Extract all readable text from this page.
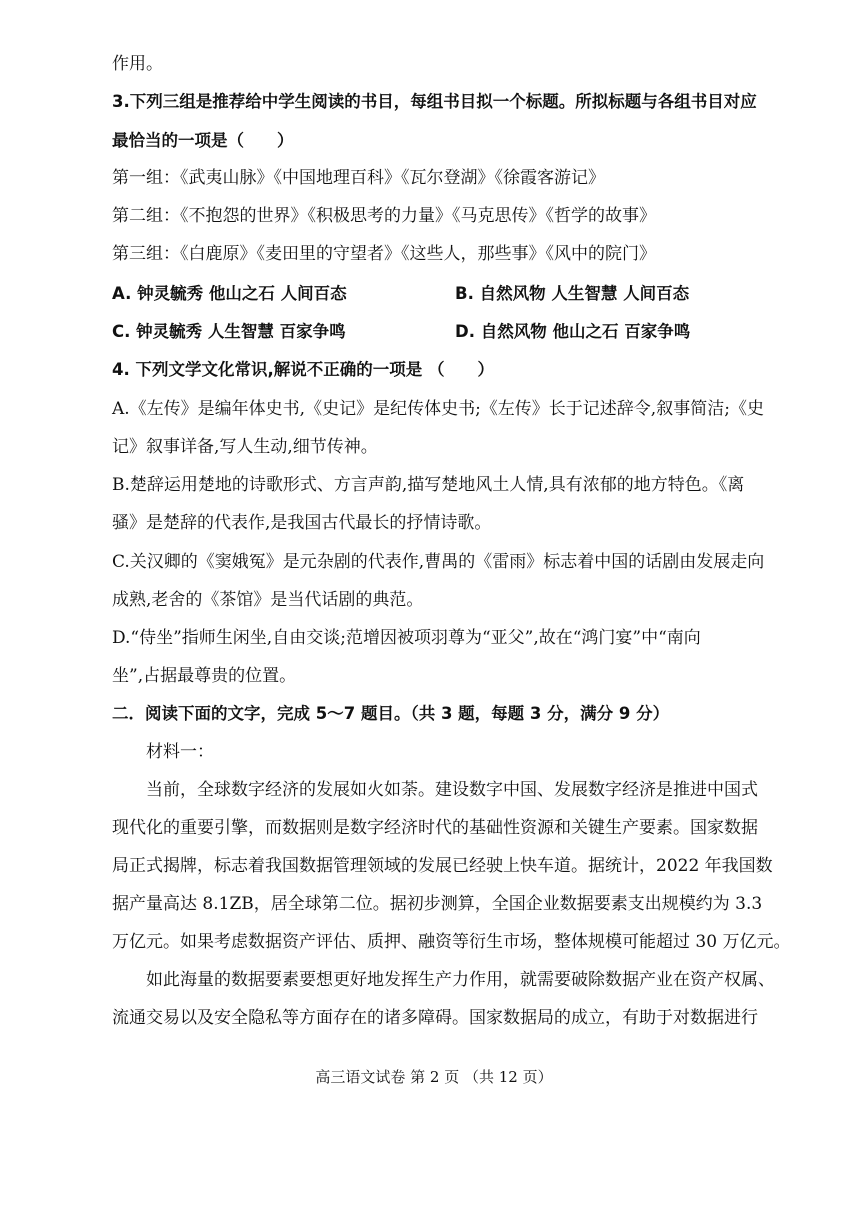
作用。
3.下列三组是推荐给中学生阅读的书目，每组书目拟一个标题。所拟标题与各组书目对应
最恰当的一项是（　　）
第一组：《武夷山脉》《中国地理百科》《瓦尔登湖》《徐霞客游记》
第二组：《不抱怨的世界》《积极思考的力量》《马克思传》《哲学的故事》
第三组：《白鹿原》《麦田里的守望者》《这些人，那些事》《风中的院门》
A. 钟灵毓秀 他山之石 人间百态	B. 自然风物 人生智慧 人间百态
C. 钟灵毓秀 人生智慧 百家争鸣	D. 自然风物 他山之石 百家争鸣
4. 下列文学文化常识,解说不正确的一项是 （　　）
A.《左传》是编年体史书,《史记》是纪传体史书;《左传》长于记述辞令,叙事简洁;《史
记》叙事详备,写人生动,细节传神。
B.楚辞运用楚地的诗歌形式、方言声韵,描写楚地风土人情,具有浓郁的地方特色。《离
骚》是楚辞的代表作,是我国古代最长的抒情诗歌。
C.关汉卿的《窦娥冤》是元杂剧的代表作,曹禺的《雷雨》标志着中国的话剧由发展走向
成熟,老舍的《茶馆》是当代话剧的典范。
D.“侍坐”指师生闲坐,自由交谈;范增因被项羽尊为“亚父”,故在“鸿门宴”中“南向
坐”,占据最尊贵的位置。
二．阅读下面的文字，完成 5～7 题目。（共 3 题，每题 3 分，满分 9 分）
材料一：
当前，全球数字经济的发展如火如荼。建设数字中国、发展数字经济是推进中国式
现代化的重要引擎，而数据则是数字经济时代的基础性资源和关键生产要素。国家数据
局正式揭牌，标志着我国数据管理领域的发展已经驶上快车道。据统计，2022 年我国数
据产量高达 8.1ZB，居全球第二位。据初步测算，全国企业数据要素支出规模约为 3.3
万亿元。如果考虑数据资产评估、质押、融资等衍生市场，整体规模可能超过 30 万亿元。
如此海量的数据要素要想更好地发挥生产力作用，就需要破除数据产业在资产权属、
流通交易以及安全隐私等方面存在的诸多障碍。国家数据局的成立，有助于对数据进行
高三语文试卷 第 2 页 （共 12 页）
